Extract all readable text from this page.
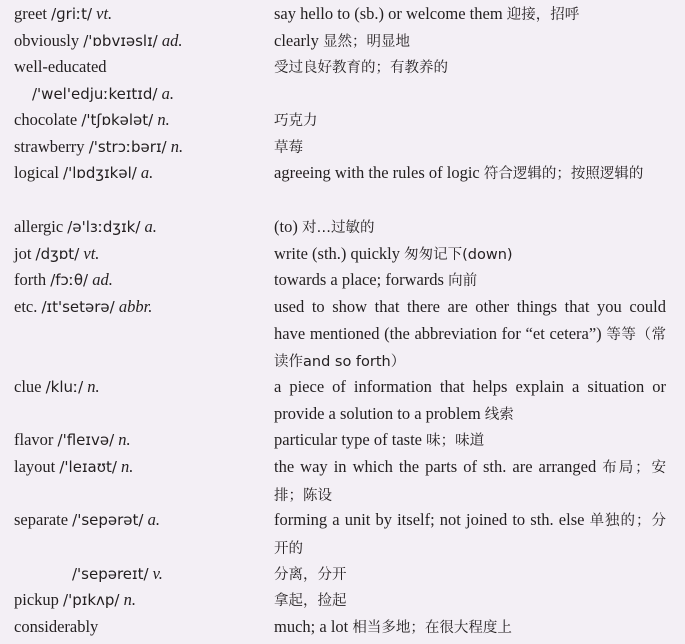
greet /ɡriːt/ vt.	say hello to (sb.) or welcome them 迎接，招呼
obviously /'ɒbvɪəslɪ/ ad.	clearly 显然；明显地
well-educated	受过良好教育的；有教养的
/'wel'edjuːkeɪtɪd/ a.
chocolate /'tʃɒkələt/ n.	巧克力
strawberry /'strɔːbərɪ/ n.	草莓
logical /'lɒdʒɪkəl/ a.	agreeing with the rules of logic 符合逻辑的；按照逻辑的
allergic /ə'lɜːdʒɪk/ a.	(to) 对…过敏的
jot /dʒɒt/ vt.	write (sth.) quickly 匆匆记下(down)
forth /fɔːθ/ ad.	towards a place; forwards 向前
etc. /ɪt'setərə/ abbr.	used to show that there are other things that you could have mentioned (the abbreviation for “et cetera”) 等等（常读作and so forth）
clue /kluː/ n.	a piece of information that helps explain a situation or provide a solution to a problem 线索
flavor /'fleɪvə/ n.	particular type of taste 味；味道
layout /'leɪaʊt/ n.	the way in which the parts of sth. are arranged 布局；安排；陈设
separate /'sepərət/ a.	forming a unit by itself; not joined to sth. else 单独的；分开的
/'sepəreɪt/ v.	分离，分开
pickup /'pɪkʌp/ n.	拿起，捡起
considerably	much; a lot 相当多地；在很大程度上
